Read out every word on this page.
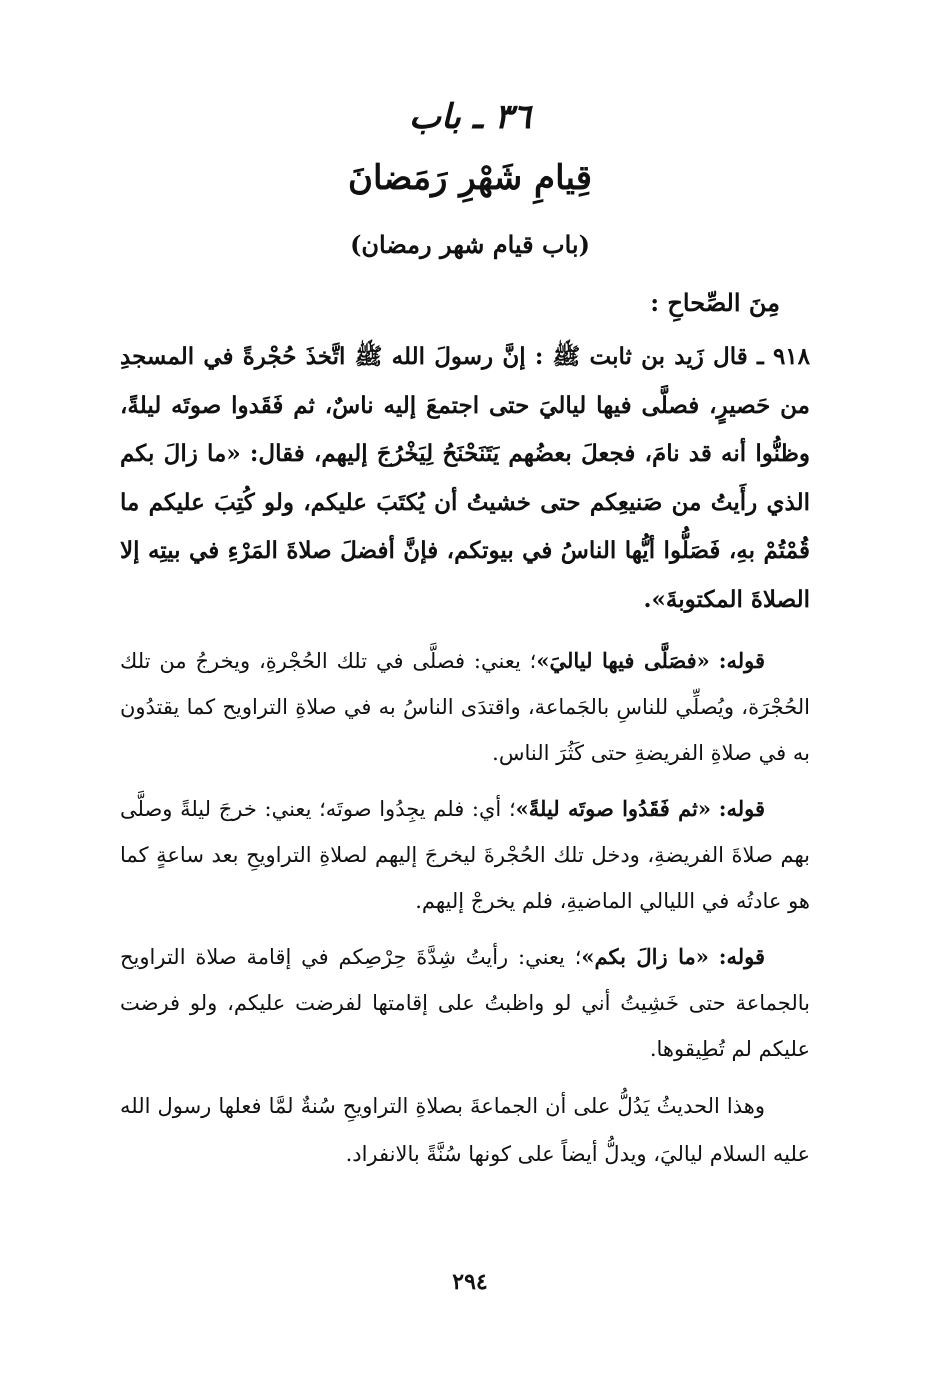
٣٦ ـ باب
قِيامِ شَهْرِ رَمَضانَ
(باب قيام شهر رمضان)
مِنَ الصِّحاحِ :

٩١٨ ـ قال زَيد بن ثابت ﷺ : إنَّ رسولَ الله ﷺ اتَّخذَ حُجْرةً في المسجدِ من حَصيرٍ، فصلَّى فيها لياليَ حتى اجتمعَ إليه ناسٌ، ثم فَقَدوا صوتَه ليلةً، وظنُّوا أنه قد نامَ، فجعلَ بعضُهم يَتَنَحْنَحُ لِيَخْرُجَ إليهم، فقال: «ما زالَ بكم الذي رأَيتُ من صَنيعِكم حتى خشيتُ أن يُكتَبَ عليكم، ولو كُتِبَ عليكم ما قُمْتُمْ بهِ، فَصَلُّوا أيُّها الناسُ في بيوتكم، فإنَّ أفضلَ صلاةَ المَرْءِ في بيتِه إلا الصلاةَ المكتوبةَ».

قوله: «فصَلَّى فيها لياليَ»؛ يعني: فصلَّى في تلك الحُجْرةِ، ويخرجُ من تلك الحُجْرَة، ويُصلِّي للناسِ بالجَماعة، واقتدَى الناسُ به في صلاةِ التراويح كما يقتدُون به في صلاةِ الفريضةِ حتى كَثُرَ الناس.

قوله: «ثم فَقَدُوا صوتَه ليلةً»؛ أي: فلم يجِدُوا صوتَه؛ يعني: خرجَ ليلةً وصلَّى بهم صلاةَ الفريضةِ، ودخل تلك الحُجْرةَ ليخرجَ إليهم لصلاةِ التراويحِ بعد ساعةٍ كما هو عادتُه في الليالي الماضيةِ، فلم يخرجْ إليهم.

قوله: «ما زالَ بكم»؛ يعني: رأيتُ شِدَّةَ حِرْصِكم في إقامة صلاة التراويح بالجماعة حتى خَشِيتُ أني لو واظبتُ على إقامتها لفرضت عليكم، ولو فرضت عليكم لم تُطِيقوها.

وهذا الحديثُ يَدُلُّ على أن الجماعةَ بصلاةِ التراويحِ سُنةٌ لمَّا فعلها رسول الله عليه السلام لياليَ، ويدلُّ أيضاً على كونها سُنَّةً بالانفراد.

٢٩٤
